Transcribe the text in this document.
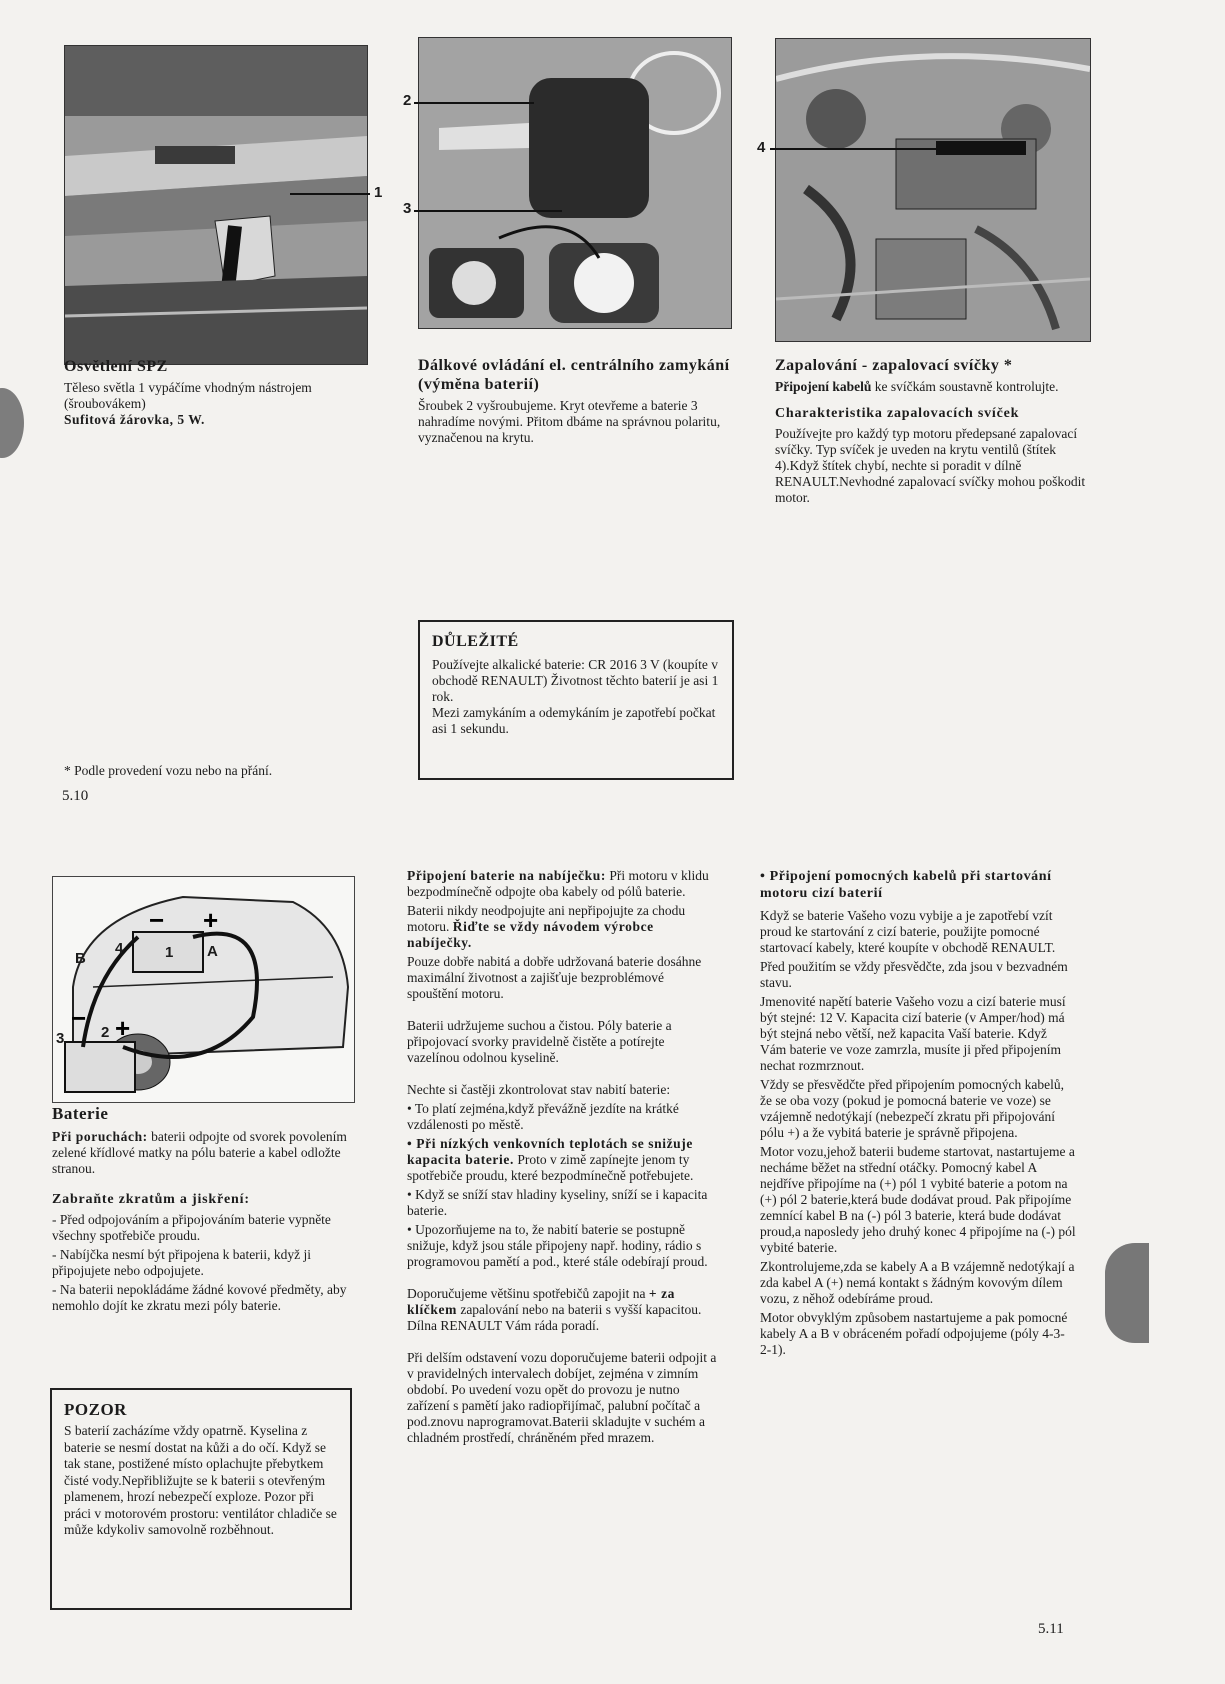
1
2
3
4
Osvětlení SPZ
Těleso světla 1 vypáčíme vhodným nástrojem (šroubovákem)
Sufitová žárovka, 5 W.
Dálkové ovládání el. centrálního zamykání (výměna baterií)
Šroubek 2 vyšroubujeme. Kryt otevřeme a baterie 3 nahradíme novými. Přitom dbáme na správnou polaritu, vyznačenou na krytu.
Zapalování - zapalovací svíčky *
Připojení kabelů ke svíčkám soustavně kontrolujte.
Charakteristika zapalovacích svíček
Používejte pro každý typ motoru předepsané zapalovací svíčky. Typ svíček je uveden na krytu ventilů (štítek 4).Když štítek chybí, nechte si poradit v dílně RENAULT.Nevhodné zapalovací svíčky mohou poškodit motor.
DŮLEŽITÉ
Používejte alkalické baterie: CR 2016 3 V (koupíte v obchodě RENAULT) Životnost těchto baterií je asi 1 rok.
Mezi zamykáním a odemykáním je zapotřebí počkat asi 1 sekundu.
* Podle provedení vozu nebo na přání.
5.10
− +
− +
B
4	A
3 2
1
Baterie

Při poruchách: baterii odpojte od svorek povolením zelené křídlové matky na pólu baterie a kabel odložte stranou.

Zabraňte zkratům a jiskření:

- Před odpojováním a připojováním baterie vypněte všechny spotřebiče proudu.

- Nabíjčka nesmí být připojena k baterii, když ji připojujete nebo odpojujete.

- Na baterii nepokládáme žádné kovové předměty, aby nemohlo dojít ke zkratu mezi póly baterie.

POZOR
S baterií zacházíme vždy opatrně. Kyselina z baterie se nesmí dostat na kůži a do očí. Když se tak stane, postižené místo oplachujte přebytkem čisté vody.Nepřibližujte se k baterii s otevřeným plamenem, hrozí nebezpečí exploze. Pozor při práci v motorovém prostoru: ventilátor chladiče se může kdykoliv samovolně rozběhnout.

Připojení baterie na nabíječku: Při motoru v klidu bezpodmínečně odpojte oba kabely od pólů baterie.

Baterii nikdy neodpojujte ani nepřipojujte za chodu motoru. Řiďte se vždy návodem výrobce nabíječky.

Pouze dobře nabitá a dobře udržovaná baterie dosáhne maximální životnost a zajišťuje bezproblémové spouštění motoru.

Baterii udržujeme suchou a čistou. Póly baterie a připojovací svorky pravidelně čistěte a potírejte vazelínou odolnou kyselině.

Nechte si častěji zkontrolovat stav nabití baterie:

• To platí zejména,když převážně jezdíte na krátké vzdálenosti po městě.

• Při nízkých venkovních teplotách se snižuje kapacita baterie. Proto v zimě zapínejte jenom ty spotřebiče proudu, které bezpodmínečně potřebujete.

• Když se sníží stav hladiny kyseliny, sníží se i kapacita baterie.

• Upozorňujeme na to, že nabití baterie se postupně snižuje, když jsou stále připojeny např. hodiny, rádio s programovou pamětí a pod., které stále odebírají proud.

Doporučujeme většinu spotřebičů zapojit na + za klíčkem zapalování nebo na baterii s vyšší kapacitou. Dílna RENAULT Vám ráda poradí.

Při delším odstavení vozu doporučujeme baterii odpojit a v pravidelných intervalech dobíjet, zejména v zimním období. Po uvedení vozu opět do provozu je nutno zařízení s pamětí jako radiopřijímač, palubní počítač a pod.znovu naprogramovat.Baterii skladujte v suchém a chladném prostředí, chráněném před mrazem.

• Připojení pomocných kabelů při startování motoru cizí baterií

Když se baterie Vašeho vozu vybije a je zapotřebí vzít proud ke startování z cizí baterie, použijte pomocné startovací kabely, které koupíte v obchodě RENAULT.

Před použitím se vždy přesvědčte, zda jsou v bezvadném stavu.

Jmenovité napětí baterie Vašeho vozu a cizí baterie musí být stejné: 12 V. Kapacita cizí baterie (v Amper/hod) má být stejná nebo větší, než kapacita Vaší baterie. Když Vám baterie ve voze zamrzla, musíte ji před připojením nechat rozmrznout.

Vždy se přesvědčte před připojením pomocných kabelů, že se oba vozy (pokud je pomocná baterie ve voze) se vzájemně nedotýkají (nebezpečí zkratu při připojování pólu +) a že vybitá baterie je správně připojena.

Motor vozu,jehož baterii budeme startovat, nastartujeme a necháme běžet na střední otáčky. Pomocný kabel A nejdříve připojíme na (+) pól 1 vybité baterie a potom na (+) pól 2 baterie,která bude dodávat proud. Pak připojíme zemnící kabel B na (-) pól 3 baterie, která bude dodávat proud,a naposledy jeho druhý konec 4 připojíme na (-) pól vybité baterie.

Zkontrolujeme,zda se kabely A a B vzájemně nedotýkají a zda kabel A (+) nemá kontakt s žádným kovovým dílem vozu, z něhož odebíráme proud.

Motor obvyklým způsobem nastartujeme a pak pomocné kabely A a B v obráceném pořadí odpojujeme (póly 4-3-2-1).

5.11
